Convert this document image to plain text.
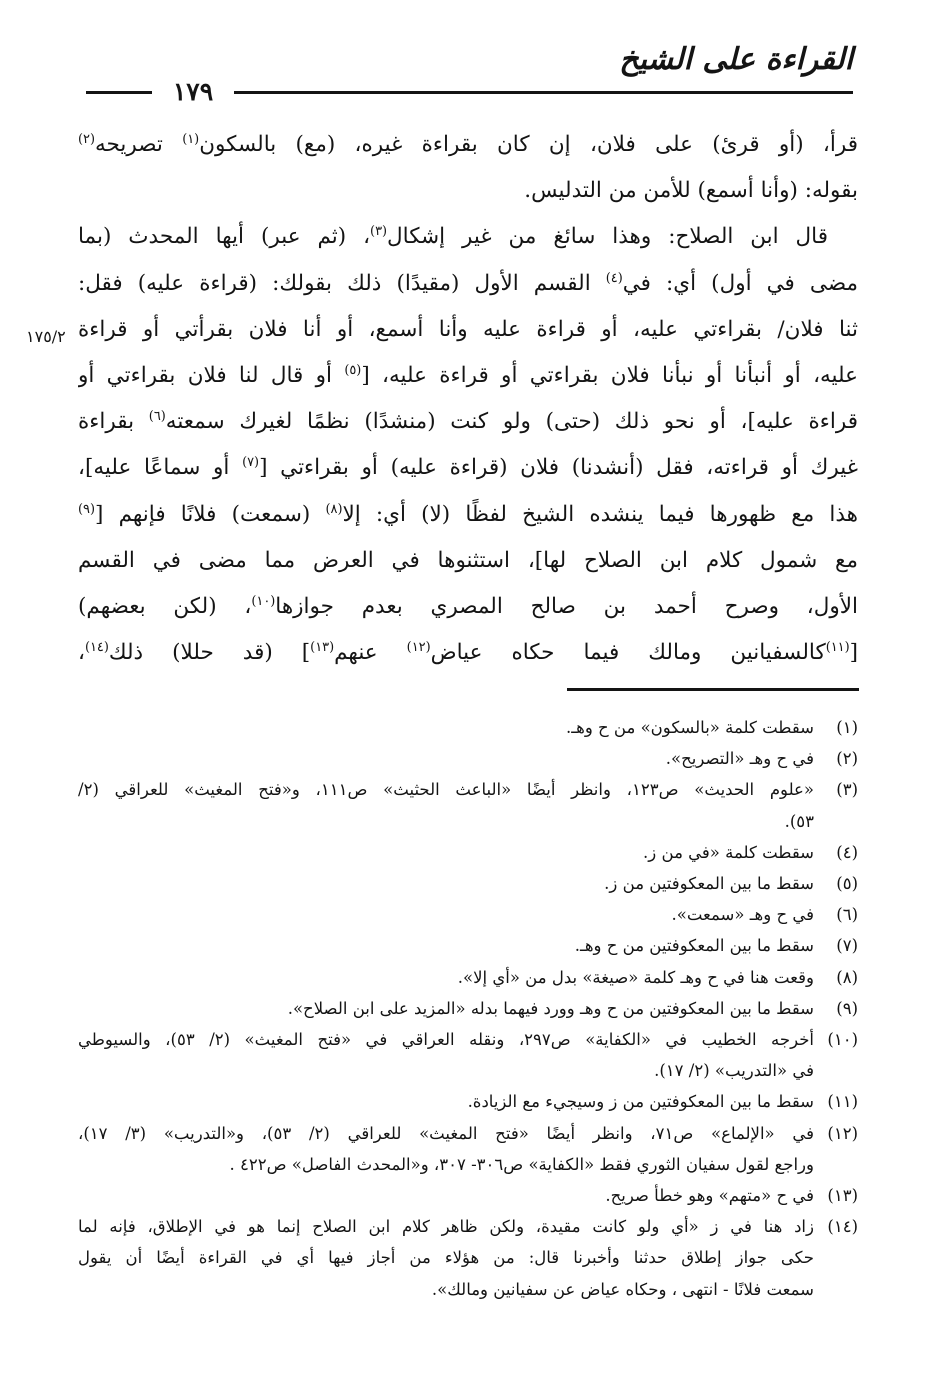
القراءة على الشيخ
١٧٩
١٧٥/٢
قرأ، (أو قرئ) على فلان، إن كان بقراءة غيره، (مع) بالسكون$^{(١)}$ تصريحه$^{(٢)}$
بقوله: (وأنا أسمع) للأمن من التدليس.
قال ابن الصلاح: وهذا سائغ من غير إشكال$^{(٣)}$، (ثم عبر) أيها المحدث (بما
مضى في أول) أي: في$^{(٤)}$ القسم الأول (مقيدًا) ذلك بقولك: (قراءة عليه) فقل:
ثنا فلان/ بقراءتي عليه، أو قراءة عليه وأنا أسمع، أو أنا فلان بقرأتي أو قراءة
عليه، أو أنبأنا أو نبأنا فلان بقراءتي أو قراءة عليه، [$^{(٥)}$ أو قال لنا فلان بقراءتي أو
قراءة عليه]، أو نحو ذلك (حتى) ولو كنت (منشدًا) نظمًا لغيرك سمعته$^{(٦)}$ بقراءة
غيرك أو قراءته، فقل (أنشدنا) فلان (قراءة عليه) أو بقراءتي [$^{(٧)}$ أو سماعًا عليه]،
هذا مع ظهورها فيما ينشده الشيخ لفظًا (لا) أي: إلا$^{(٨)}$ (سمعت) فلانًا فإنهم [$^{(٩)}$
مع شمول كلام ابن الصلاح لها]، استثنوها في العرض مما مضى في القسم
الأول، وصرح أحمد بن صالح المصري بعدم جوازها$^{(١٠)}$، (لكن بعضهم)
[$^{(١١)}$كالسفيانين ومالك فيما حكاه عياض$^{(١٢)}$ عنهم$^{(١٣)}$] (قد حللا) ذلك$^{(١٤)}$،
(١)
سقطت كلمة «بالسكون» من ح وهـ.
(٢)
في ح وهـ «التصريح».
(٣)
«علوم الحديث» ص١٢٣، وانظر أيضًا «الباعث الحثيث» ص١١١، و«فتح المغيث» للعراقي (٢/
٥٣).
(٤)
سقطت كلمة «في من ز.
(٥)
سقط ما بين المعكوفتين من ز.
(٦)
في ح وهـ «سمعت».
(٧)
سقط ما بين المعكوفتين من ح وهـ.
(٨)
وقعت هنا في ح وهـ كلمة «صيغة» بدل من «أي إلا».
(٩)
سقط ما بين المعكوفتين من ح وهـ وورد فيهما بدله «المزيد على ابن الصلاح».
(١٠)
أخرجه الخطيب في «الكفاية» ص٢٩٧، ونقله العراقي في «فتح المغيث» (٢/ ٥٣)، والسيوطي
في «التدريب» (٢/ ١٧).
(١١)
سقط ما بين المعكوفتين من ز وسيجيء مع الزيادة.
(١٢)
في «الإلماع» ص٧١، وانظر أيضًا «فتح المغيث» للعراقي (٢/ ٥٣)، و«التدريب» (٣/ ١٧)،
وراجع لقول سفيان الثوري فقط «الكفاية» ص٣٠٦- ٣٠٧، و«المحدث الفاصل» ص٤٢٢ .
(١٣)
في ح «متهم» وهو خطأ صريح.
(١٤)
زاد هنا في ز «أي ولو كانت مقيدة، ولكن ظاهر كلام ابن الصلاح إنما هو في الإطلاق، فإنه لما
حكى جواز إطلاق حدثنا وأخبرنا قال: من هؤلاء من أجاز فيها أي في القراءة أيضًا أن يقول
سمعت فلانًا - انتهى ، وحكاه عياض عن سفيانين ومالك».
